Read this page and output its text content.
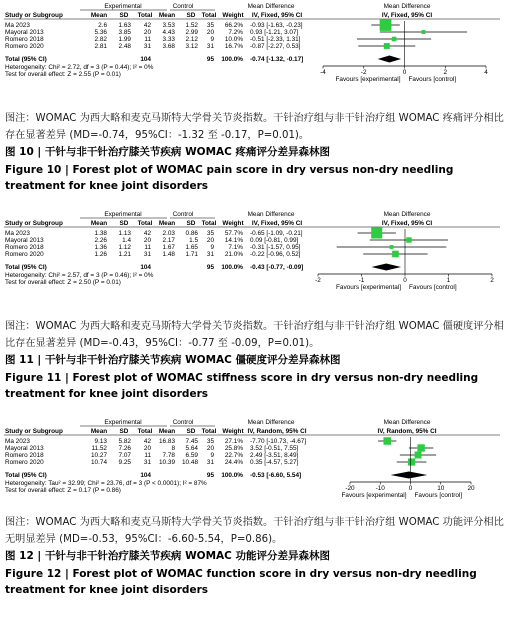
Experimental	Control	Mean Difference	Mean Difference
Study or Subgroup	Mean SD Total Mean SD Total Weight IV, Fixed, 95% CI	IV, Fixed, 95% CI
Ma 2023	2.6 1.63 42 3.53 1.52 35 66.2% -0.93 [-1.63, -0.23]
Mayoral 2013	5.36 3.85 20 4.43 2.99 20 7.2% 0.93 [-1.21, 3.07]
Romero 2018	2.82 1.99 11 3.33 2.12 9 10.0% -0.51 [-2.33, 1.31]
Romero 2020	2.81 2.48 31 3.68 3.12 31 16.7% -0.87 [-2.27, 0.53]
Total (95% CI)	104	95 100.0% -0.74 [-1.32, -0.17]
Heterogeneity: Chi² = 2.72, df = 3 (P = 0.44); I² = 0%
Test for overall effect: Z = 2.55 (P = 0.01)	-4	-2	0	2	4
Favours [experimental] Favours [control]
图注：WOMAC 为西大略和麦克马斯特大学骨关节炎指数。干针治疗组与非干针治疗组 WOMAC 疼痛评分相比存在显著差异 (MD=-0.74，95%CI：-1.32 至 -0.17，P=0.01)。
图 10 | 干针与非干针治疗膝关节疾病 WOMAC 疼痛评分差异森林图
Figure 10 | Forest plot of WOMAC pain score in dry versus non-dry needling treatment for knee joint disorders
Experimental	Control	Mean Difference	Mean Difference
Study or Subgroup	Mean SD Total Mean SD Total Weight IV, Fixed, 95% CI	IV, Fixed, 95% CI
Ma 2023	1.38 1.13 42 2.03 0.86 35 57.7% -0.65 [-1.09, -0.21]
Mayoral 2013	2.26 1.4 20 2.17 1.5 20 14.1% 0.09 [-0.81, 0.99]
Romero 2018	1.36 1.12 11 1.67 1.65 9 7.1% -0.31 [-1.57, 0.95]
Romero 2020	1.26 1.21 31 1.48 1.71 31 21.0% -0.22 [-0.96, 0.52]
Total (95% CI)	104	95 100.0% -0.43 [-0.77, -0.09]
Heterogeneity: Chi² = 2.57, df = 3 (P = 0.46); I² = 0%
Test for overall effect: Z = 2.50 (P = 0.01)	-2	-1	0	1	2
Favours [experimental] Favours [control]
图注：WOMAC 为西大略和麦克马斯特大学骨关节炎指数。干针治疗组与非干针治疗组 WOMAC 僵硬度评分相比存在显著差异 (MD=-0.43，95%CI：-0.77 至 -0.09，P=0.01)。
图 11 | 干针与非干针治疗膝关节疾病 WOMAC 僵硬度评分差异森林图
Figure 11 | Forest plot of WOMAC stiffness score in dry versus non-dry needling treatment for knee joint disorders
Experimental	Control	Mean Difference	Mean Difference
Study or Subgroup	Mean SD Total Mean SD Total Weight IV, Random, 95% CI	IV, Random, 95% CI
Ma 2023	9.13 5.82 42 16.83 7.45 35 27.1% -7.70 [-10.73, -4.67]
Mayoral 2013	11.52 7.26 20	8 5.64 20 25.8% 3.52 [-0.51, 7.55]
Romero 2018	10.27 7.07 11 7.78 6.59 9 22.7% 2.49 [-3.51, 8.49]
Romero 2020	10.74 9.25 31 10.39 10.48 31 24.4% 0.35 [-4.57, 5.27]
Total (95% CI)	104	95 100.0% -0.53 [-6.60, 5.54]
Heterogeneity: Tau² = 32.99; Chi² = 23.76, df = 3 (P < 0.0001); I² = 87%
Test for overall effect: Z = 0.17 (P = 0.86)	-20	-10	0	10	20
Favours [experimental] Favours [control]
图注：WOMAC 为西大略和麦克马斯特大学骨关节炎指数。干针治疗组与非干针治疗组 WOMAC 功能评分相比无明显差异 (MD=-0.53，95%CI：-6.60-5.54，P=0.86)。
图 12 | 干针与非干针治疗膝关节疾病 WOMAC 功能评分差异森林图
Figure 12 | Forest plot of WOMAC function score in dry versus non-dry needling treatment for knee joint disorders
